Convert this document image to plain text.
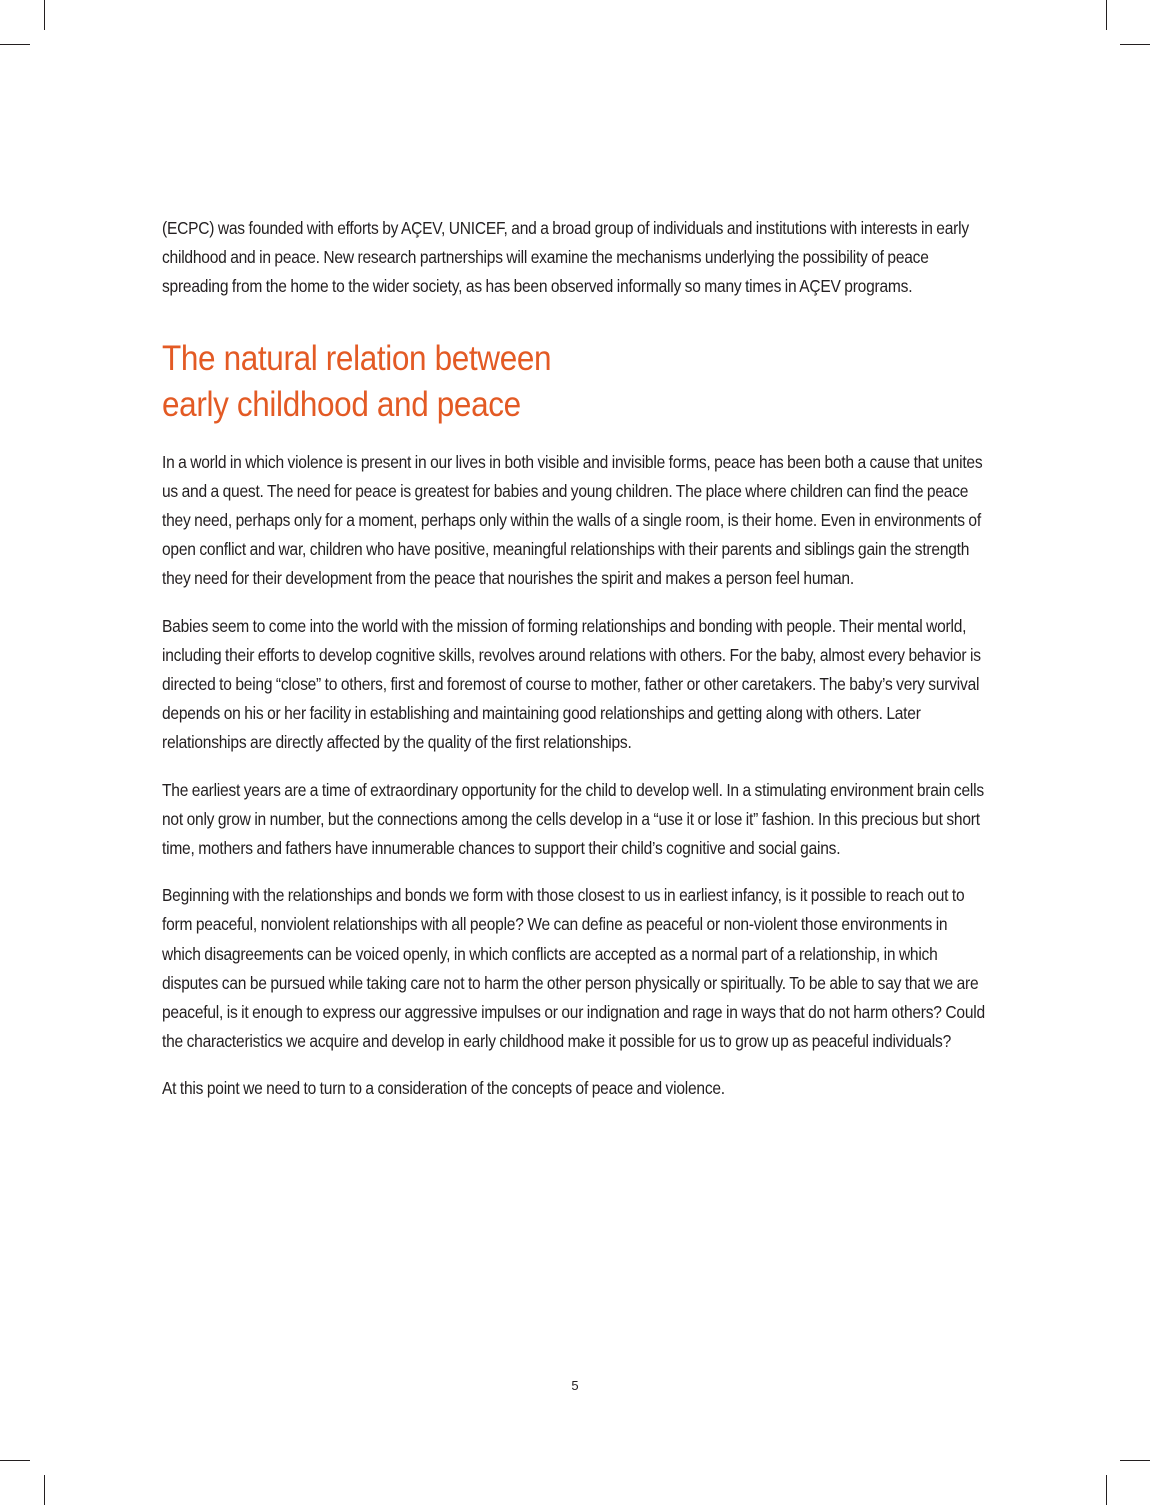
(ECPC) was founded with efforts by AÇEV, UNICEF, and a broad group of individuals and institutions with interests in early childhood and in peace. New research partnerships will examine the mechanisms underlying the possibility of peace spreading from the home to the wider society, as has been observed informally so many times in AÇEV programs.

The natural relation between
early childhood and peace

In a world in which violence is present in our lives in both visible and invisible forms, peace has been both a cause that unites us and a quest. The need for peace is greatest for babies and young children. The place where children can find the peace they need, perhaps only for a moment, perhaps only within the walls of a single room, is their home. Even in environments of open conflict and war, children who have positive, meaningful relationships with their parents and siblings gain the strength they need for their development from the peace that nourishes the spirit and makes a person feel human.

Babies seem to come into the world with the mission of forming relationships and bonding with people. Their mental world, including their efforts to develop cognitive skills, revolves around relations with others. For the baby, almost every behavior is directed to being “close” to others, first and foremost of course to mother, father or other caretakers. The baby’s very survival depends on his or her facility in establishing and maintaining good relationships and getting along with others. Later relationships are directly affected by the quality of the first relationships.

The earliest years are a time of extraordinary opportunity for the child to develop well. In a stimulating environment brain cells not only grow in number, but the connections among the cells develop in a “use it or lose it” fashion. In this precious but short time, mothers and fathers have innumerable chances to support their child’s cognitive and social gains.

Beginning with the relationships and bonds we form with those closest to us in earliest infancy, is it possible to reach out to form peaceful, nonviolent relationships with all people? We can define as peaceful or non-violent those environments in which disagreements can be voiced openly, in which conflicts are accepted as a normal part of a relationship, in which disputes can be pursued while taking care not to harm the other person physically or spiritually. To be able to say that we are peaceful, is it enough to express our aggressive impulses or our indignation and rage in ways that do not harm others? Could the characteristics we acquire and develop in early childhood make it possible for us to grow up as peaceful individuals?

At this point we need to turn to a consideration of the concepts of peace and violence.

5
